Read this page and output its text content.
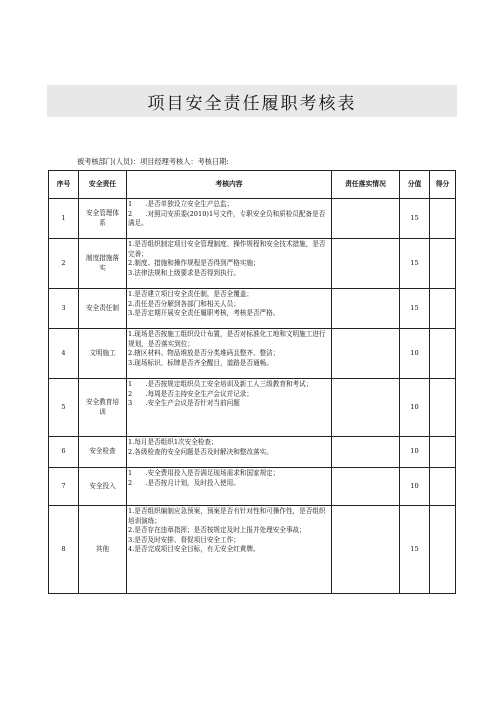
项目安全责任履职考核表
被考核部门(人员)：项目经理考核人：考核日期:
序号	安全责任	考核内容	责任落实情况	分值	得分
1	安全管理体系	1　　.是否单独设立安全生产总监；
2　　.对照司安质委(2010)1号文件，专职安全员和质检员配备是否满足。		15	
2	制度措施落实	1.是否组织制定项目安全管理制度、操作规程和安全技术措施，是否完善；
2.制度、措施和操作规程是否得到严格实施；
3.法律法规和上级要求是否得到执行。		15	
3	安全责任制	1.是否建立项目安全责任制，是否全覆盖；
2.责任是否分解到各部门和相关人员；
3.是否定期开展安全责任履职考核，考核是否严格。		15	
4	文明施工	1.现场是否按施工组织设计布置，是否对标准化工地和文明施工进行规划，是否落实到位；
2.辖区材料、物品堆放是否分类堆码且整齐、整洁；
3.现场标识、标牌是否齐全醒目，道路是否通畅。		10	
5	安全教育培训	1　　.是否按规定组织员工安全培训及新工人三级教育和考试；
2　　.每周是否主持安全生产会议并记录；
3　　.安全生产会议是否针对当前问题		10	
6	安全检查	1.每月是否组织1次安全检查；
2.各级检查的安全问题是否及时解决和整改落实。		10	
7	安全投入	1　　.安全费用投入是否满足现场需求和国家规定；
2　　.是否按月计划，及时投入使用。		10	
8	其他	1.是否组织编制应急预案，预案是否有针对性和可操作性，是否组织培训演练；
2.是否存在违章指挥；是否按规定及时上报并处理安全事故；
3.是否及时安排、督促项目安全工作；
4.是否完成项目安全目标，有无安全红黄牌。		15	
